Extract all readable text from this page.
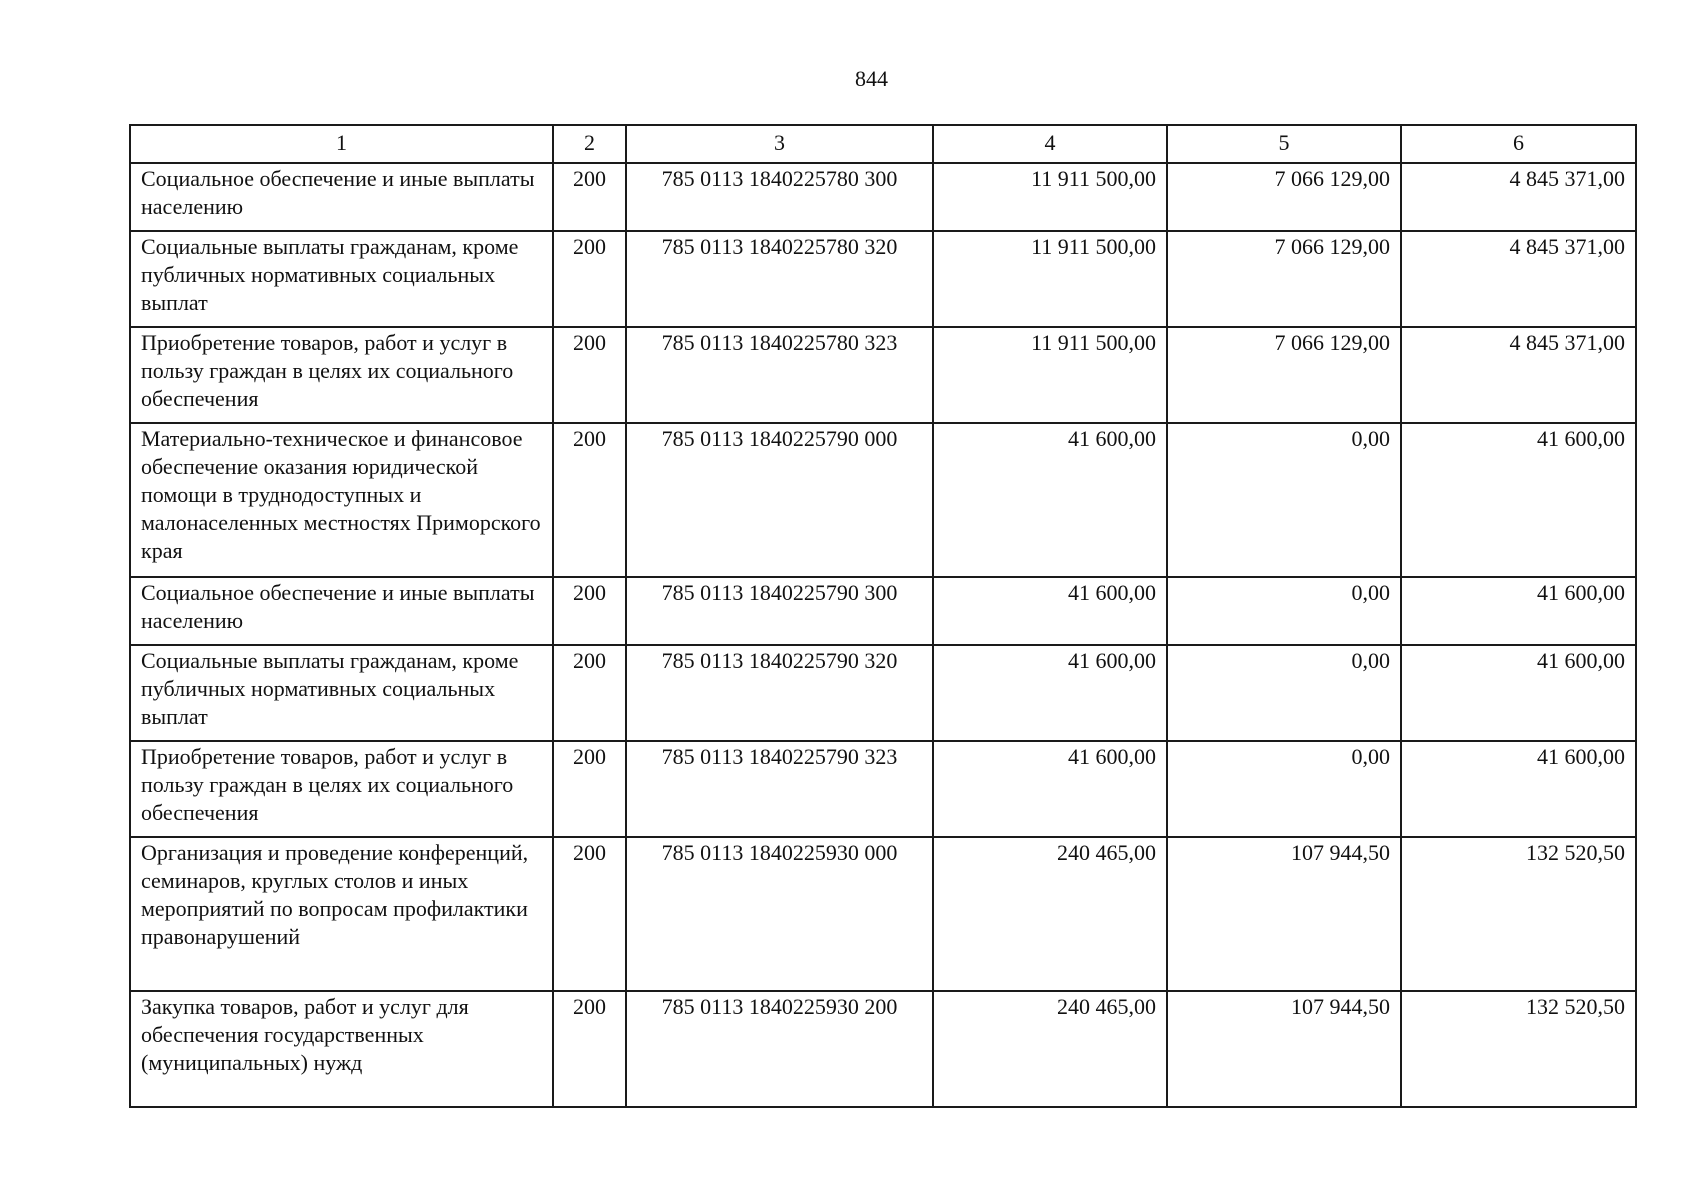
844
1	2	3	4	5	6
Социальное обеспечение и иные выплаты населению	200	785 0113 1840225780 300	11 911 500,00	7 066 129,00	4 845 371,00
Социальные выплаты гражданам, кроме публичных нормативных социальных выплат	200	785 0113 1840225780 320	11 911 500,00	7 066 129,00	4 845 371,00
Приобретение товаров, работ и услуг в пользу граждан в целях их социального обеспечения	200	785 0113 1840225780 323	11 911 500,00	7 066 129,00	4 845 371,00
Материально-техническое и финансовое обеспечение оказания юридической помощи в труднодоступных и малонаселенных местностях Приморского края	200	785 0113 1840225790 000	41 600,00	0,00	41 600,00
Социальное обеспечение и иные выплаты населению	200	785 0113 1840225790 300	41 600,00	0,00	41 600,00
Социальные выплаты гражданам, кроме публичных нормативных социальных выплат	200	785 0113 1840225790 320	41 600,00	0,00	41 600,00
Приобретение товаров, работ и услуг в пользу граждан в целях их социального обеспечения	200	785 0113 1840225790 323	41 600,00	0,00	41 600,00
Организация и проведение конференций, семинаров, круглых столов и иных мероприятий по вопросам профилактики правонарушений	200	785 0113 1840225930 000	240 465,00	107 944,50	132 520,50
Закупка товаров, работ и услуг для обеспечения государственных (муниципальных) нужд	200	785 0113 1840225930 200	240 465,00	107 944,50	132 520,50
